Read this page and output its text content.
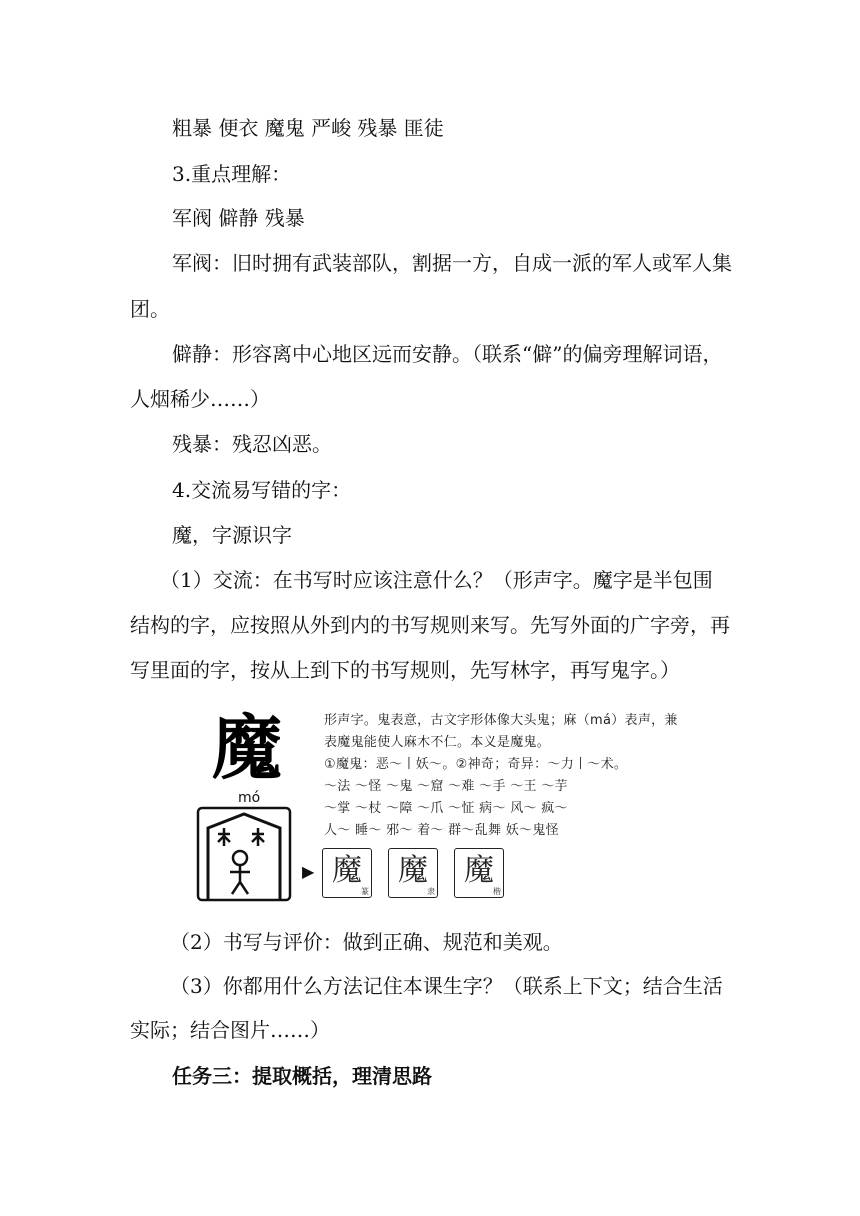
粗暴 便衣 魔鬼 严峻 残暴 匪徒
3.重点理解：
军阀 僻静 残暴
军阀：旧时拥有武装部队，割据一方，自成一派的军人或军人集
团。
僻静：形容离中心地区远而安静。（联系“僻”的偏旁理解词语，
人烟稀少……）
残暴：残忍凶恶。
4.交流易写错的字：
魔，字源识字
（1）交流：在书写时应该注意什么？（形声字。魔字是半包围
结构的字，应按照从外到内的书写规则来写。先写外面的广字旁，再
写里面的字，按从上到下的书写规则，先写林字，再写鬼字。）
魔
mó
▶ 魔
篆
魔
隶
魔
楷
形声字。鬼表意，古文字形体像大头鬼；麻（má）表声，兼
表魔鬼能使人麻木不仁。本义是魔鬼。
①魔鬼：恶～丨妖～。②神奇；奇异：～力丨～术。
～法 ～怪 ～鬼 ～窟 ～难 ～手 ～王 ～芋
～掌 ～杖 ～障 ～爪 ～怔 病～ 风～ 疯～
人～ 睡～ 邪～ 着～ 群～乱舞 妖～鬼怪
（2）书写与评价：做到正确、规范和美观。
（3）你都用什么方法记住本课生字？（联系上下文；结合生活
实际；结合图片……）
任务三：提取概括，理清思路
